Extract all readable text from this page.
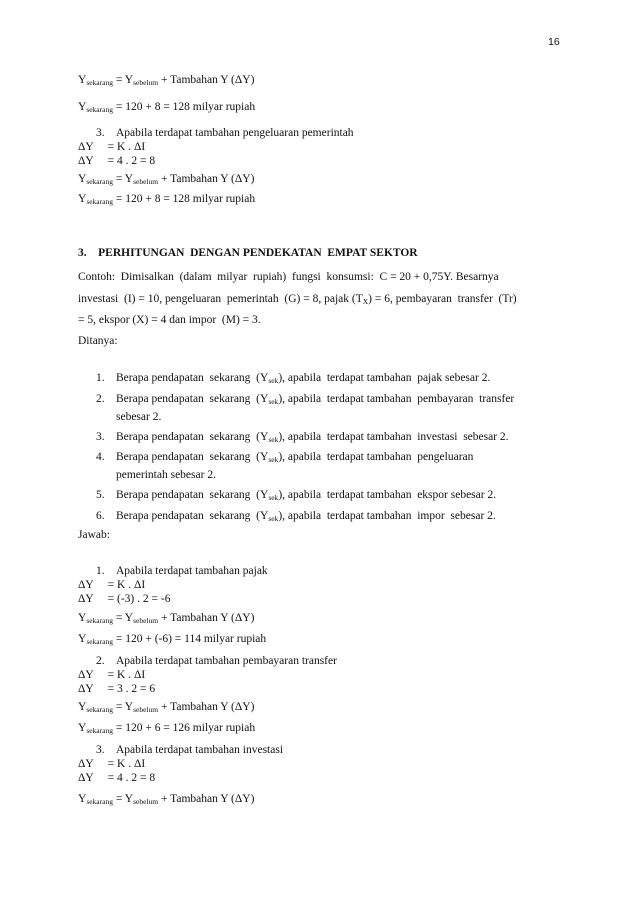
16
$Y_{sekarang} = Y_{sebelum}$ + Tambahan Y (ΔY)
$Y_{sekarang} = 120 + 8 = 128$ milyar rupiah
3. Apabila terdapat tambahan pengeluaran pemerintah
ΔY     = K . ΔI
ΔY     = 4 . 2 = 8
$Y_{sekarang} = Y_{sebelum}$ + Tambahan Y (ΔY)
$Y_{sekarang} = 120 + 8 = 128$ milyar rupiah
3.    PERHITUNGAN  DENGAN PENDEKATAN  EMPAT SEKTOR
Contoh:  Dimisalkan  (dalam  milyar  rupiah)  fungsi  konsumsi:  C = 20 + 0,75Y. Besarnya
investasi  (I) = 10, pengeluaran  pemerintah  (G) = 8, pajak $(T_X) = 6$, pembayaran  transfer  (Tr)
= 5, ekspor (X) = 4 dan impor  (M) = 3.
Ditanya:
1. Berapa pendapatan  sekarang  $(Y_{sek})$, apabila  terdapat tambahan  pajak sebesar 2.
2. Berapa pendapatan  sekarang  $(Y_{sek})$, apabila  terdapat tambahan  pembayaran  transfer
sebesar 2.
3. Berapa pendapatan  sekarang  $(Y_{sek})$, apabila  terdapat tambahan  investasi  sebesar 2.
4. Berapa pendapatan  sekarang  $(Y_{sek})$, apabila  terdapat tambahan  pengeluaran
pemerintah sebesar 2.
5. Berapa pendapatan  sekarang  $(Y_{sek})$, apabila  terdapat tambahan  ekspor sebesar 2.
6. Berapa pendapatan  sekarang  $(Y_{sek})$, apabila  terdapat tambahan  impor  sebesar 2.
Jawab:
1. Apabila terdapat tambahan pajak
ΔY     = K . ΔI
ΔY     = (-3) . 2 = -6
$Y_{sekarang} = Y_{sebelum}$ + Tambahan Y (ΔY)
$Y_{sekarang} = 120 + (-6) = 114$ milyar rupiah
2. Apabila terdapat tambahan pembayaran transfer
ΔY     = K . ΔI
ΔY     = 3 . 2 = 6
$Y_{sekarang} = Y_{sebelum}$ + Tambahan Y (ΔY)
$Y_{sekarang} = 120 + 6 = 126$ milyar rupiah
3. Apabila terdapat tambahan investasi
ΔY     = K . ΔI
ΔY     = 4 . 2 = 8
$Y_{sekarang} = Y_{sebelum}$ + Tambahan Y (ΔY)
